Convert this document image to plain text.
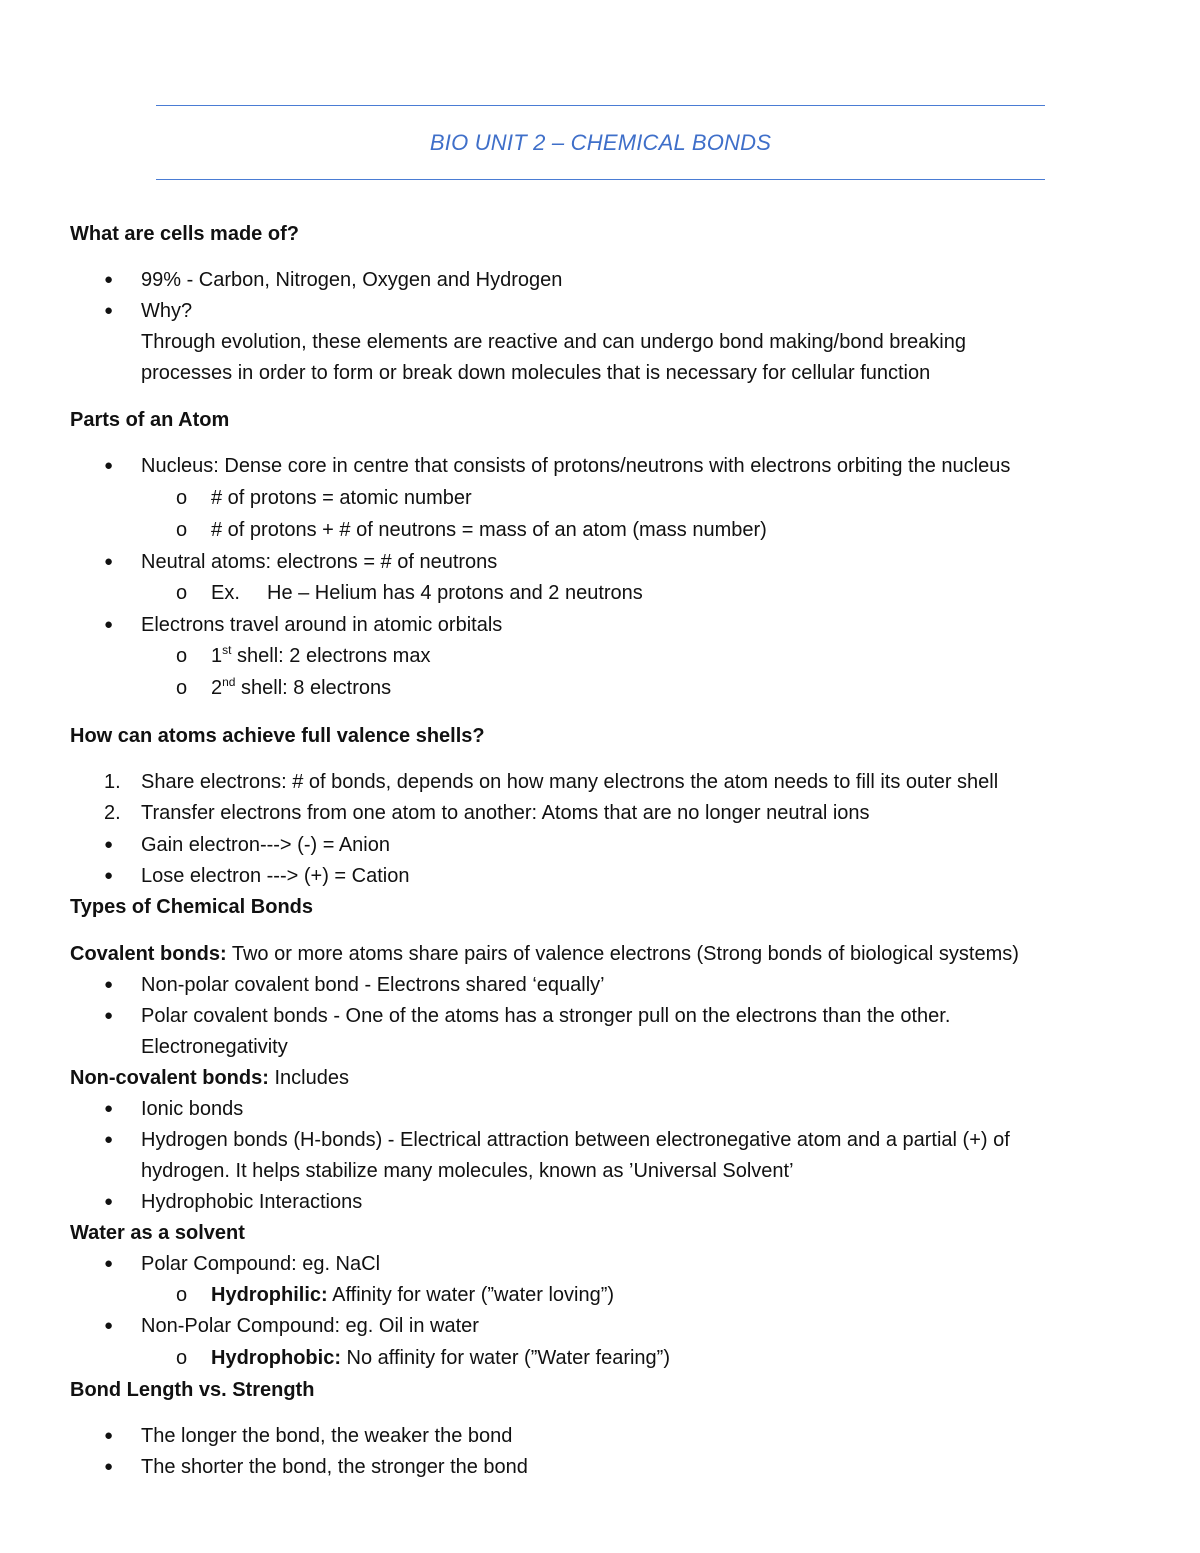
BIO UNIT 2 – CHEMICAL BONDS
What are cells made of?
● 99% - Carbon, Nitrogen, Oxygen and Hydrogen
● Why?
Through evolution, these elements are reactive and can undergo bond making/bond breaking
processes in order to form or break down molecules that is necessary for cellular function
Parts of an Atom
● Nucleus: Dense core in centre that consists of protons/neutrons with electrons orbiting the nucleus
o # of protons = atomic number
o # of protons + # of neutrons = mass of an atom (mass number)
● Neutral atoms: electrons = # of neutrons
o Ex. He – Helium has 4 protons and 2 neutrons
● Electrons travel around in atomic orbitals
o 1st shell: 2 electrons max
o 2nd shell: 8 electrons
How can atoms achieve full valence shells?
1. Share electrons: # of bonds, depends on how many electrons the atom needs to fill its outer shell
2. Transfer electrons from one atom to another: Atoms that are no longer neutral ions
● Gain electron---> (-) = Anion
● Lose electron ---> (+) = Cation
Types of Chemical Bonds
Covalent bonds: Two or more atoms share pairs of valence electrons (Strong bonds of biological systems)
● Non-polar covalent bond - Electrons shared ‘equally’
● Polar covalent bonds - One of the atoms has a stronger pull on the electrons than the other.
Electronegativity
Non-covalent bonds: Includes
● Ionic bonds
● Hydrogen bonds (H-bonds) - Electrical attraction between electronegative atom and a partial (+) of
hydrogen. It helps stabilize many molecules, known as ’Universal Solvent’
● Hydrophobic Interactions
Water as a solvent
● Polar Compound: eg. NaCl
o Hydrophilic: Affinity for water (”water loving”)
● Non-Polar Compound: eg. Oil in water
o Hydrophobic: No affinity for water (”Water fearing”)
Bond Length vs. Strength
● The longer the bond, the weaker the bond
● The shorter the bond, the stronger the bond
